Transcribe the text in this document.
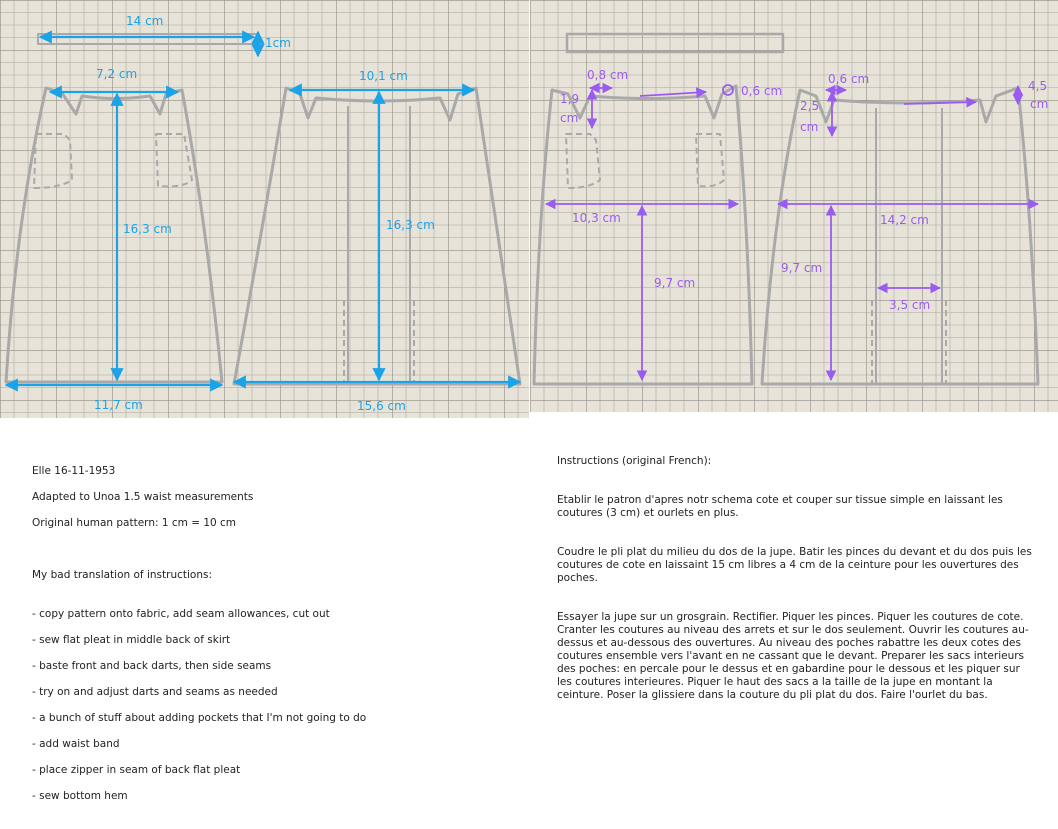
14 cm
1cm
7,2 cm
16,3 cm
11,7 cm
10,1 cm
16,3 cm
15,6 cm
0,8 cm
1,9
cm
0,6 cm
10,3 cm
9,7 cm
0,6 cm
2,5
cm
4,5
cm
14,2 cm
9,7 cm
3,5 cm

Elle 16-11-1953

Adapted to Unoa 1.5 waist measurements

Original human pattern: 1 cm = 10 cm

My bad translation of instructions:

- copy pattern onto fabric, add seam allowances, cut out

- sew flat pleat in middle back of skirt

- baste front and back darts, then side seams

- try on and adjust darts and seams as needed

- a bunch of stuff about adding pockets that I'm not going to do

- add waist band

- place zipper in seam of back flat pleat

- sew bottom hem

Instructions (original French):

Etablir le patron d'apres notr schema cote et couper sur tissue simple en laissant les coutures (3 cm) et ourlets en plus.

Coudre le pli plat du milieu du dos de la jupe. Batir les pinces du devant et du dos puis les coutures de cote en laissaint 15 cm libres a 4 cm de la ceinture pour les ouvertures des poches.

Essayer la jupe sur un grosgrain. Rectifier. Piquer les pinces. Piquer les coutures de cote. Cranter les coutures au niveau des arrets et sur le dos seulement. Ouvrir les coutures au-dessus et au-dessous des ouvertures. Au niveau des poches rabattre les deux cotes des coutures ensemble vers l'avant en ne cassant que le devant. Preparer les sacs interieurs des poches: en percale pour le dessus et en gabardine pour le dessous et les piquer sur les coutures interieures. Piquer le haut des sacs a la taille de la jupe en montant la ceinture. Poser la glissiere dans la couture du pli plat du dos. Faire l'ourlet du bas.
